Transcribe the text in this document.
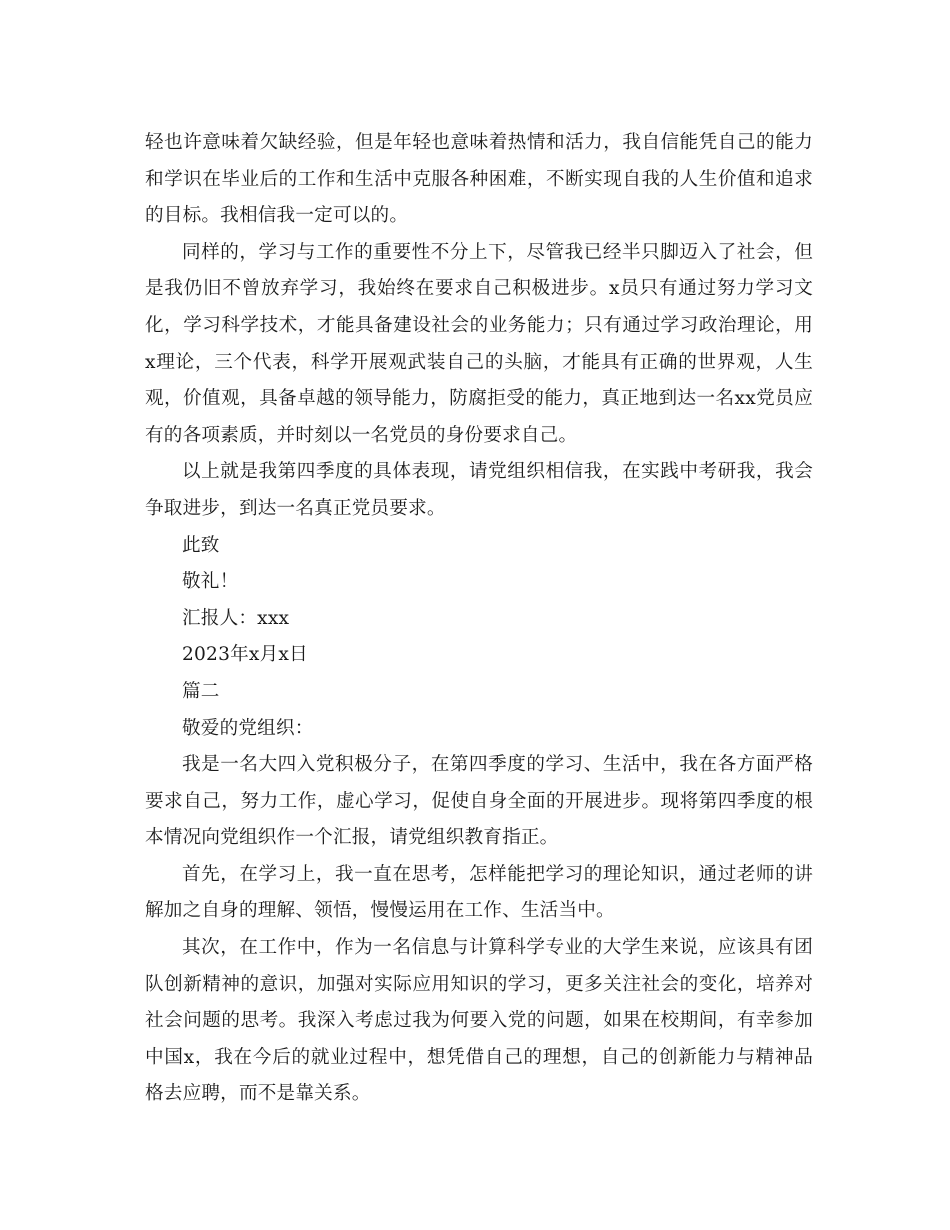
轻也许意味着欠缺经验，但是年轻也意味着热情和活力，我自信能凭自己的能力和学识在毕业后的工作和生活中克服各种困难，不断实现自我的人生价值和追求的目标。我相信我一定可以的。

同样的，学习与工作的重要性不分上下，尽管我已经半只脚迈入了社会，但是我仍旧不曾放弃学习，我始终在要求自己积极进步。x员只有通过努力学习文化，学习科学技术，才能具备建设社会的业务能力；只有通过学习政治理论，用x理论，三个代表，科学开展观武装自己的头脑，才能具有正确的世界观，人生观，价值观，具备卓越的领导能力，防腐拒受的能力，真正地到达一名xx党员应有的各项素质，并时刻以一名党员的身份要求自己。

以上就是我第四季度的具体表现，请党组织相信我，在实践中考研我，我会争取进步，到达一名真正党员要求。

此致

敬礼！

汇报人：xxx

2023年x月x日

篇二

敬爱的党组织：

我是一名大四入党积极分子，在第四季度的学习、生活中，我在各方面严格要求自己，努力工作，虚心学习，促使自身全面的开展进步。现将第四季度的根本情况向党组织作一个汇报，请党组织教育指正。

首先，在学习上，我一直在思考，怎样能把学习的理论知识，通过老师的讲解加之自身的理解、领悟，慢慢运用在工作、生活当中。

其次，在工作中，作为一名信息与计算科学专业的大学生来说，应该具有团队创新精神的意识，加强对实际应用知识的学习，更多关注社会的变化，培养对社会问题的思考。我深入考虑过我为何要入党的问题，如果在校期间，有幸参加中国x，我在今后的就业过程中，想凭借自己的理想，自己的创新能力与精神品格去应聘，而不是靠关系。
